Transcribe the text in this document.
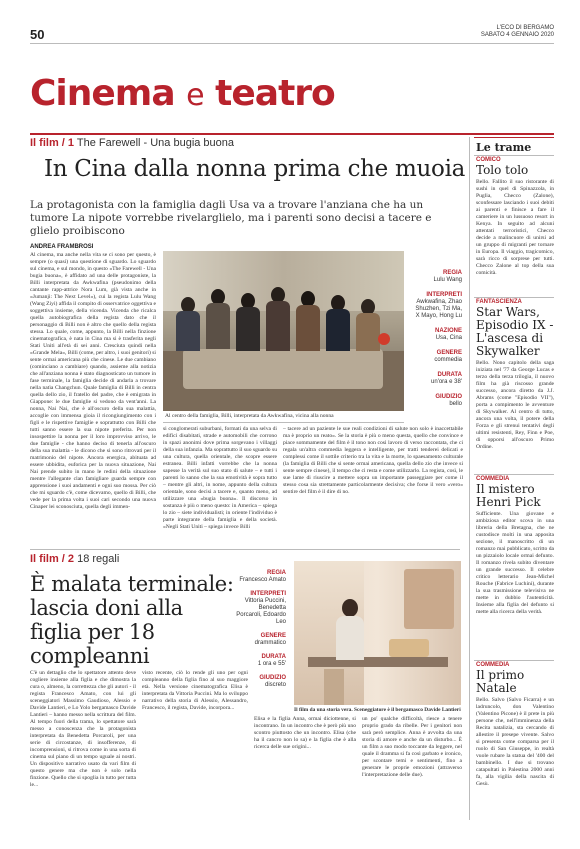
50	L'ECO DI BERGAMO
SABATO 4 GENNAIO 2020
Cinema e teatro
Il film / 1 The Farewell - Una bugia buona
In Cina dalla nonna prima che muoia
La protagonista con la famiglia dagli Usa va a trovare l'anziana che ha un tumore La nipote vorrebbe rivelarglielo, ma i parenti sono decisi a tacere e glielo proibiscono
ANDREA FRAMBROSI
Al cinema, ma anche nella vita se ci sono per questo, è sempre (o quasi) una questione di sguardo. Lo sguardo sul cinema, e sul mondo, in questo «The Farewell - Una bugia buona», è affidato ad una delle protagoniste, la Billi interpretata da Awkwafina (pseudonimo della cantante rapp-attrice Nora Lum, già vista anche in «Jumanji: The Next Level»), cui la regista Lulu Wang (Wang Ziyi) affida il compito di osservatrice oggettiva e soggettiva insieme, della vicenda. Vicenda che ricalca quella autobiografica della regista dato che il personaggio di Billi non è altro che quello della regista stessa. Lo quale, come, appunto, la Billi nella finzione cinematografica, è nata in Cina ma si è trasferita negli Stati Uniti all'età di sei anni. Cresciuta quindi nella «Grande Mela», Billi (come, per altro, i suoi genitori) si sente ormai americana più che cinese. Le due cambiano (cominciano a cambiare) quando, assieme alla notizia che all'anziana nonna è stato diagnosticato un tumore in fase terminale, la famiglia decide di andarla a trovare nella natìa Changchun. Quale famiglia di Billi in centra quella dello zio, il fratello del padre, che è emigrata in Giappone: le due famiglie si vedono da vent'anni. La nonna, Nai Nai, che è all'oscuro della sua malattia, accoglie con immensa gioia il ricongiungimento con i figli e le rispettive famiglie e soprattutto con Billi che tutti sanno essere la sua nipote preferita. Per non insospettire la nonna per il loro improvviso arrivo, le due famiglie - che hanno deciso di tenerla all'oscuro della sua malattia - le dicono che si sono ritrovati per il matrimonio del nipote. Ancora energica, abituata ad essere ubbidita, euforica per la nuova situazione, Nai Nai prende subito in mano le redini della situazione mentre l'allegante clan famigliare guarda sempre con apprensione i suoi andamenti e ogni suo mossa. Per ciò che mi sguardo c'è, come dicevamo, quello di Billi, che vede per la prima volta i suoi cari secondo una nuova Cinaper lei sconosciuta, quella degli immen-
Al centro della famiglia, Billi, interpretata da Awkwafina, vicina alla nonna
REGIA
Lulu Wang
INTERPRETI
Awkwafina, Zhao Shuzhen, Tzi Ma, X Mayo, Hong Lu
NAZIONE
Usa, Cina
GENERE
commedia
DURATA
un'ora e 38'
GIUDIZIO
bello
si conglomerati suburbani, formati da una selva di edifici disabitati, strade e automobili che corrono in spazi anonimi dove prima sorgevano i villaggi della sua infanzia. Ma soprattutto il suo sguardo su una cultura, quella orientale, che scopre essere estranea. Billi infatti vorrebbe che la nonna sapesse la verità sul suo stato di salute – e tutti i parenti lo sanno che la sua emotività è sopra tutto – mentre gli altri, in nome, appunto della cultura orientale, sono decisi a tacere e, quanto meno, ad utilizzare una «bugia buona». Il discorso in sostanza è più o meno questo: in America – spiega lo zio – siete individualisti; in oriente l'individuo è parte integrante della famiglia e della società. «Negli Stati Uniti – spiega invece Billi
– tacere ad un paziente le sue reali condizioni di salute non solo è inaccettabile ma è proprio un reato». Se la storia è più o meno questa, quello che convince e piace sommamente del film è il tono non così lavoro di verso raccontata, che ci regala un'altra commedia leggera e intelligente, per tratti tenderei delicati e complessi come il sottile criterio tra la vita e la morte, lo spaesamento culturale (la famiglia di Billi che si sente ormai americana, quella dello zio che invece si sente sempre cinese), il tempo che ci resta e come utilizzarlo. La regista, così, le sue lame di riuscire a mettere sopra un importante passeggiare per come il stesso cosa sia strettamente particolarmente decisiva; che forse il vero «vero» sentire del film è il dire di no.
Il film / 2 18 regali
È malata terminale: lascia doni alla figlia per 18 compleanni
REGIA
Francesco Amato
INTERPRETI
Vittoria Puccini, Benedetta Porcaroli, Edoardo Leo
GENERE
drammatico
DURATA
1 ora e 55'
GIUDIZIO
discreto
Il film da una storia vera. Sceneggiatore è il bergamasco Davide Lantieri
C'è un dettaglio che lo spettatore attento deve cogliere insieme alla figlia e che dimostra la cura o, almeno, la correttezza che gli autori - il regista Francesco Amato, con lui gli sceneggiatori Massimo Gaudioso, Alessio e Davide Lantieri, e Lo Yolo bergamasco Davide Lantieri – hanno messo nella scrittura del film. Al tempo fuori della trama, lo spettatore sarà messo a conoscenza che la protagonista interpretata da Benedetta Porcaroli, per una serie di circostanze, di insofferenze, di incomprensioni, si ritrova come in una sorta di cinema sul piano di un tempo uguale ai nostri. Un dispositivo narrativo usato da vari film di questo genere ma che non è solo nella finzione. Quello che si spoglia in tutto per tutta le...
visto recente, ciò lo rende gli uno per ogni compleanno della figlia fino al suo maggiore età. Nella versione cinematografica Elisa è interpretata da Vittoria Puccini. Ma lo sviluppo narrativo della storia di Alessio, Alessandro, Francesco, il regista, Davide, incorpora...
Elisa e la figlia Anna, ormai diciottenne, si incontrano. In un incontro che è però più uno scontro piuttosto che un incontro. Elisa (che ha il cancro non lo sa) e la figlia che è alla ricerca delle sue origini...
un po' qualche difficoltà, riesce a tenere proprio grado da ribelle. Per i genitori non sarà però semplice. Anna è avvolta da una storia di amore e anche da un disturbo... È un film a suo modo toccante da leggere, nel quale il dramma si fa così garbato e ironico, per scontare temi e sentimenti, fino a generare le proprie emozioni (attraverso l'interpretazione delle due).
Le trame
COMICO
Tolo tolo
Bello. Fallito il suo ristorante di sushi in quel di Spinazzola, in Puglia, Checco (Zalone), sconfessare lasciando i suoi debiti ai parenti e finisce a fare il cameriere in un lussuoso resort in Kenya. In seguito ad alcuni attentati terroristici, Checco decide a malincuore di unirsi ad un gruppo di migranti per tornare in Europa. Il viaggio, tragicomico, sarà ricco di sorprese per tutti. Checco Zalone al top della sua comicità.
FANTASCIENZA
Star Wars, Episodio IX - L'ascesa di Skywalker
Bello. Nono capitolo della saga iniziata nel '77 da George Lucas e terzo della terza trilogia, il nuovo film ha già riscosso grande successo, ancora diretto da J.J. Abrams (come "Episodio VII"), porta a compimento le avventure di Skywalker. Al centro di tutto, ancora una volta, il potere della Forza e gli strenui tentativi degli ultimi resistenti, Rey, Finn e Poe, di opporsi all'oscuro Primo Ordine.
COMMEDIA
Il mistero Henri Pick
Sufficiente. Una giovane e ambiziosa editor scova in una libreria della Bretagna, che ne custodisce molti in una apposita sezione, il manoscritto di un romanzo mai pubblicato, scritto da un pizzaiolo locale ormai defunto. Il romanzo rivela subito diventare un grande successo. Il celebre critico letterario Jean-Michel Rouche (Fabrice Luchini), durante la sua trasmissione televisiva ne mette in dubbio l'autenticità. Insieme alla figlia del defunto si mette alla ricerca della verità.
COMMEDIA
Il primo Natale
Bello. Salvo (Salvo Ficarra) e un ladruncolo, don Valentino (Valentino Picone) è il prete in più persone che, nell'imminenza della Recita natalizia, sta cercando di allestire il presepe vivente. Salvo si presenta come comparsa per il ruolo di San Giuseppe, in realtà vuole rubare la statua del '400 del bambinello. I due si trovano catapultati in Palestina 2000 anni fa, alla vigilia della nascita di Gesù.
